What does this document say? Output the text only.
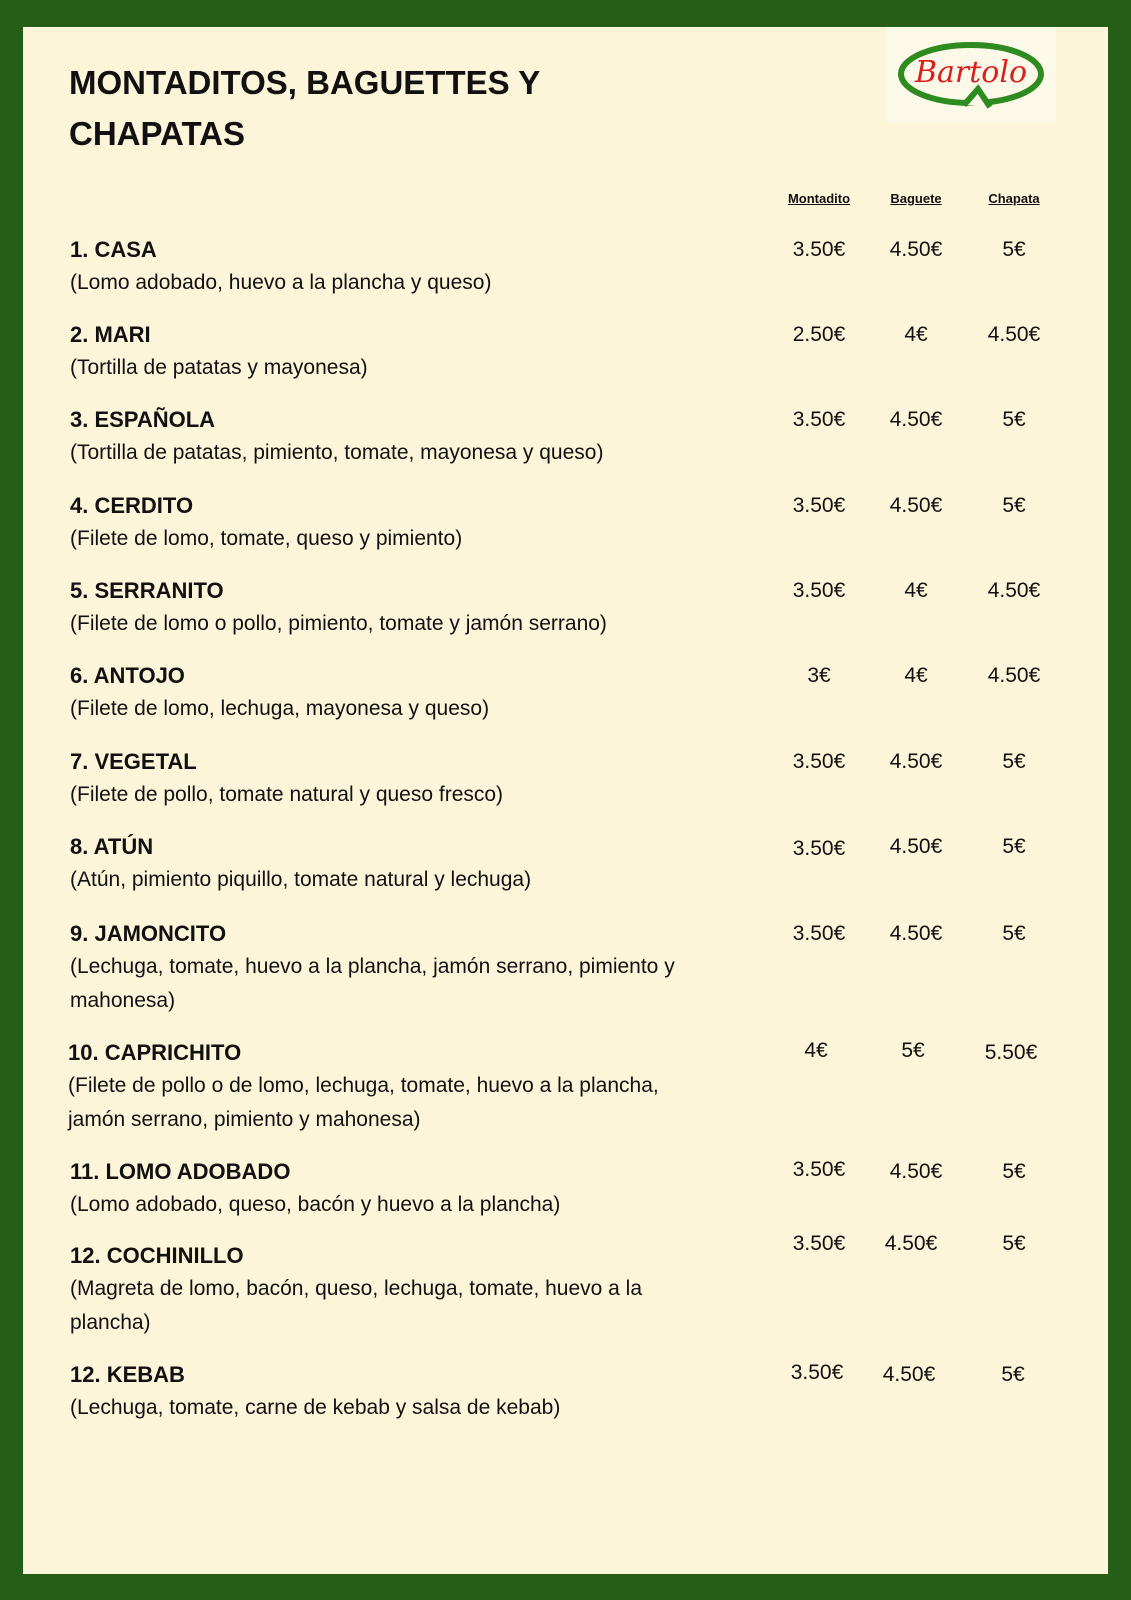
MONTADITOS, BAGUETTES Y CHAPATAS
Bartolo
Montadito	Baguete	Chapata
1. CASA
(Lomo adobado, huevo a la plancha y queso)
3.50€	4.50€	5€
2. MARI
(Tortilla de patatas y mayonesa)
2.50€	4€	4.50€
3. ESPAÑOLA
(Tortilla de patatas, pimiento, tomate, mayonesa y queso)
3.50€	4.50€	5€
4. CERDITO
(Filete de lomo, tomate, queso y pimiento)
3.50€	4.50€	5€
5. SERRANITO
(Filete de lomo o pollo, pimiento, tomate y jamón serrano)
3.50€	4€	4.50€
6. ANTOJO
(Filete de lomo, lechuga, mayonesa y queso)
3€	4€	4.50€
7. VEGETAL
(Filete de pollo, tomate natural y queso fresco)
3.50€	4.50€	5€
8. ATÚN
(Atún, pimiento piquillo, tomate natural y lechuga)
3.50€	4.50€	5€
9. JAMONCITO
(Lechuga, tomate, huevo a la plancha, jamón serrano, pimiento y mahonesa)
3.50€	4.50€	5€
10. CAPRICHITO
(Filete de pollo o de lomo, lechuga, tomate, huevo a la plancha, jamón serrano, pimiento y mahonesa)
4€	5€	5.50€
11. LOMO ADOBADO
(Lomo adobado, queso, bacón y huevo a la plancha)
3.50€	4.50€	5€
12. COCHINILLO
(Magreta de lomo, bacón, queso, lechuga, tomate, huevo a la plancha)
3.50€	4.50€	5€
12. KEBAB
(Lechuga, tomate, carne de kebab y salsa de kebab)
3.50€	4.50€	5€
